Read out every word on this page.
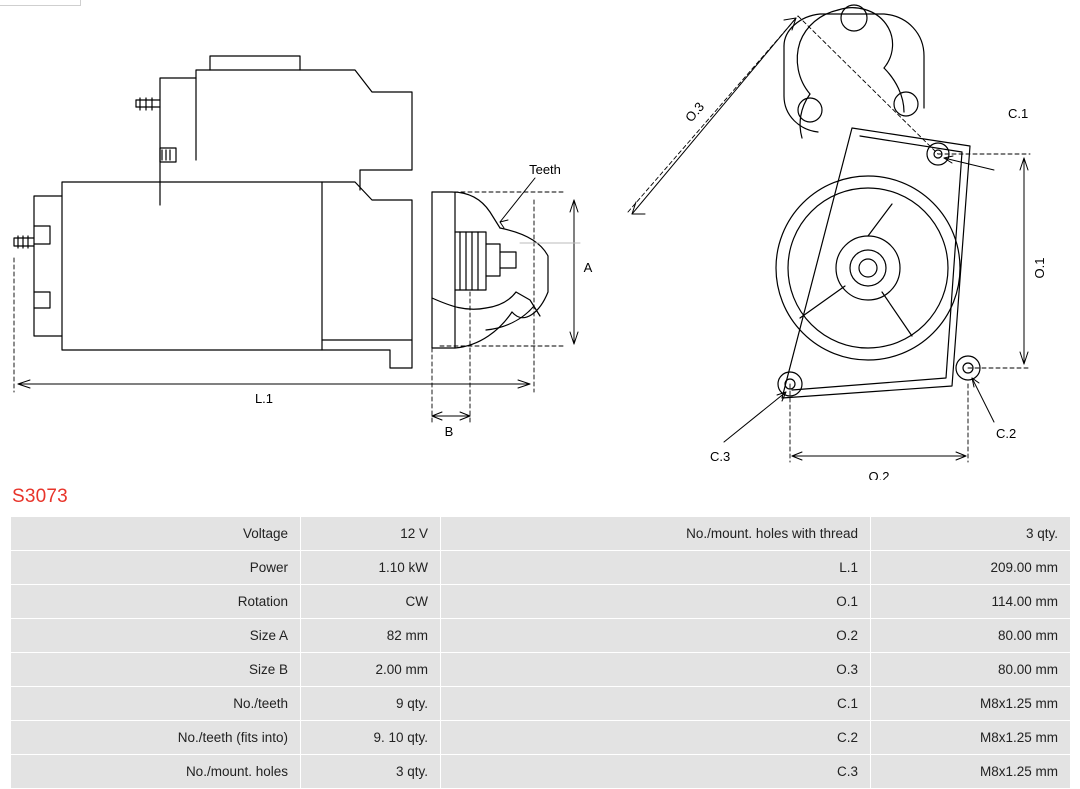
L.1
A
B
Teeth
O.1
O.2
O.3	C.1
C.2
C.3
S3073
Voltage	12 V	No./mount. holes with thread	3 qty.
Power	1.10 kW	L.1	209.00 mm
Rotation	CW	O.1	114.00 mm
Size A	82 mm	O.2	80.00 mm
Size B	2.00 mm	O.3	80.00 mm
No./teeth	9 qty.	C.1	M8x1.25 mm
No./teeth (fits into)	9. 10 qty.	C.2	M8x1.25 mm
No./mount. holes	3 qty.	C.3	M8x1.25 mm
